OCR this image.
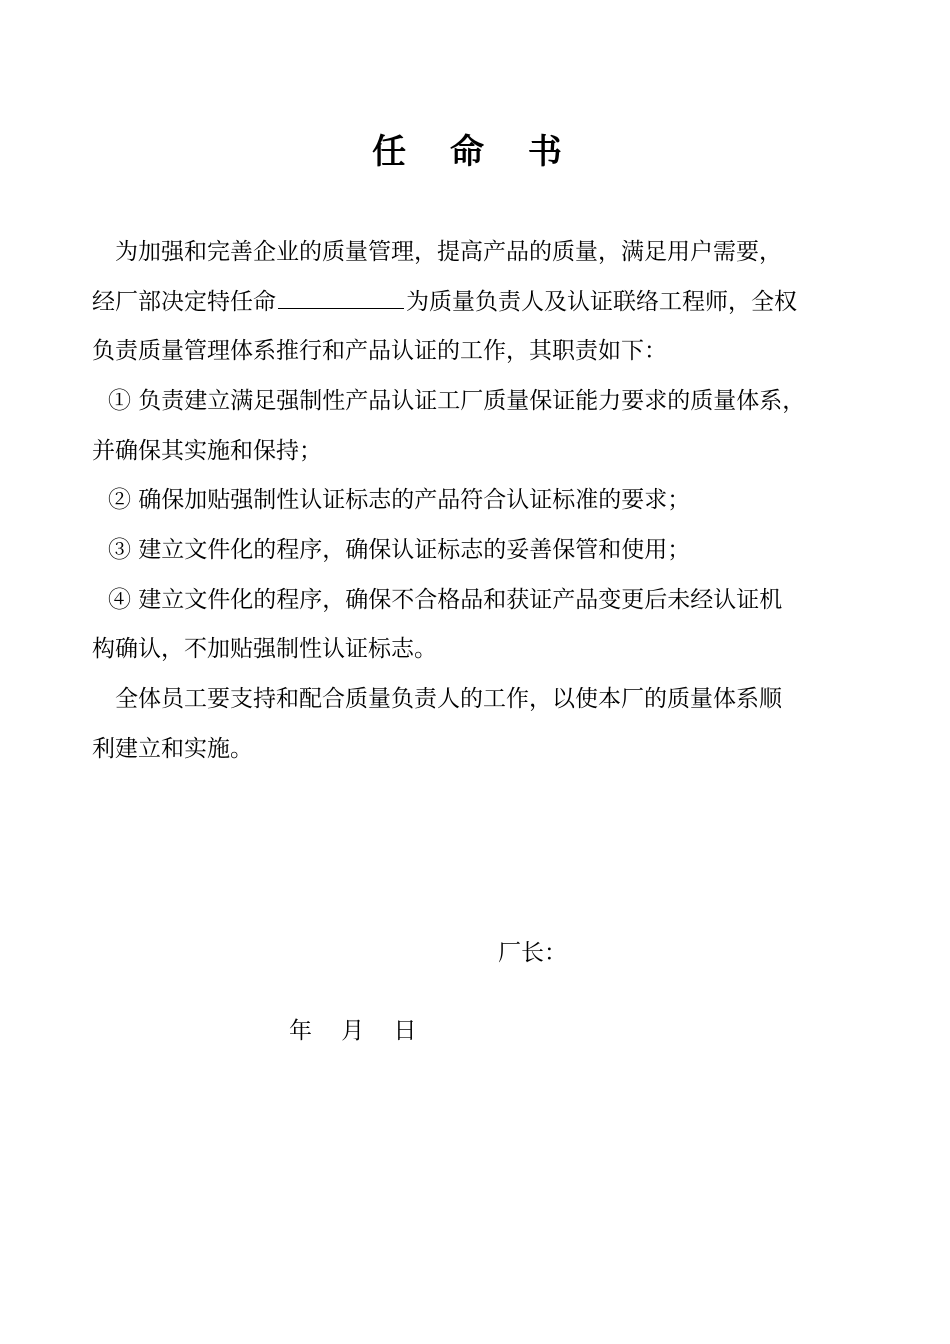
任 命 书
为加强和完善企业的质量管理，提高产品的质量，满足用户需要，
经厂部决定特任命	为质量负责人及认证联络工程师，全权
负责质量管理体系推行和产品认证的工作，其职责如下：
① 负责建立满足强制性产品认证工厂质量保证能力要求的质量体系，
并确保其实施和保持；
② 确保加贴强制性认证标志的产品符合认证标准的要求；
③ 建立文件化的程序，确保认证标志的妥善保管和使用；
④ 建立文件化的程序，确保不合格品和获证产品变更后未经认证机
构确认，不加贴强制性认证标志。
全体员工要支持和配合质量负责人的工作，以使本厂的质量体系顺
利建立和实施。
厂长：
年    月    日
